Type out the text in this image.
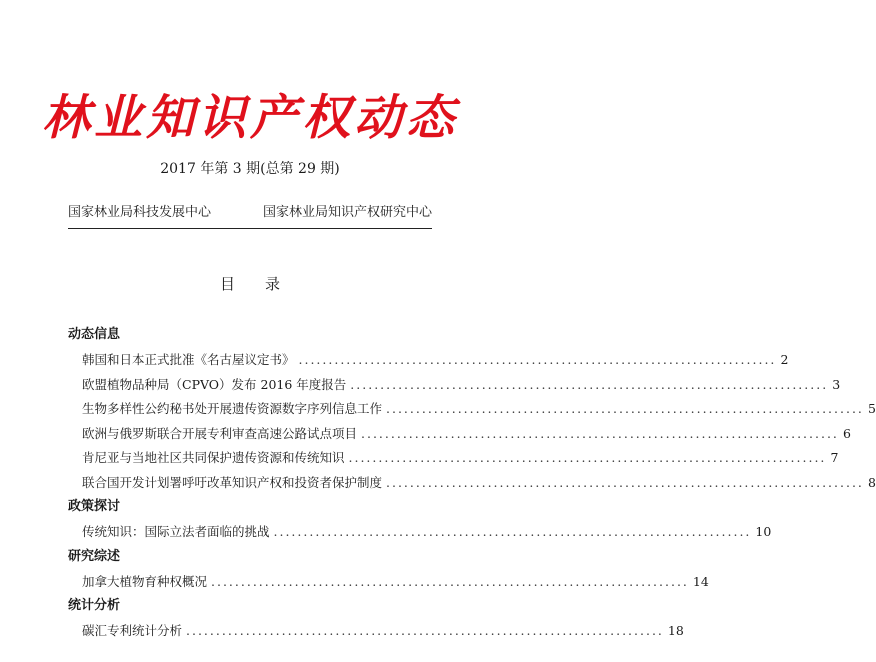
林业知识产权动态
2017 年第 3 期(总第 29 期)
国家林业局科技发展中心	国家林业局知识产权研究中心
目录
动态信息
韩国和日本正式批准《名古屋议定书》 ................................................................................ 2
欧盟植物品种局（CPVO）发布 2016 年度报告 ................................................................................ 3
生物多样性公约秘书处开展遗传资源数字序列信息工作 ................................................................................ 5
欧洲与俄罗斯联合开展专利审查高速公路试点项目 ................................................................................ 6
肯尼亚与当地社区共同保护遗传资源和传统知识 ................................................................................ 7
联合国开发计划署呼吁改革知识产权和投资者保护制度 ................................................................................ 8
政策探讨
传统知识：国际立法者面临的挑战 ................................................................................ 10
研究综述
加拿大植物育种权概况 ................................................................................ 14
统计分析
碳汇专利统计分析 ................................................................................ 18
